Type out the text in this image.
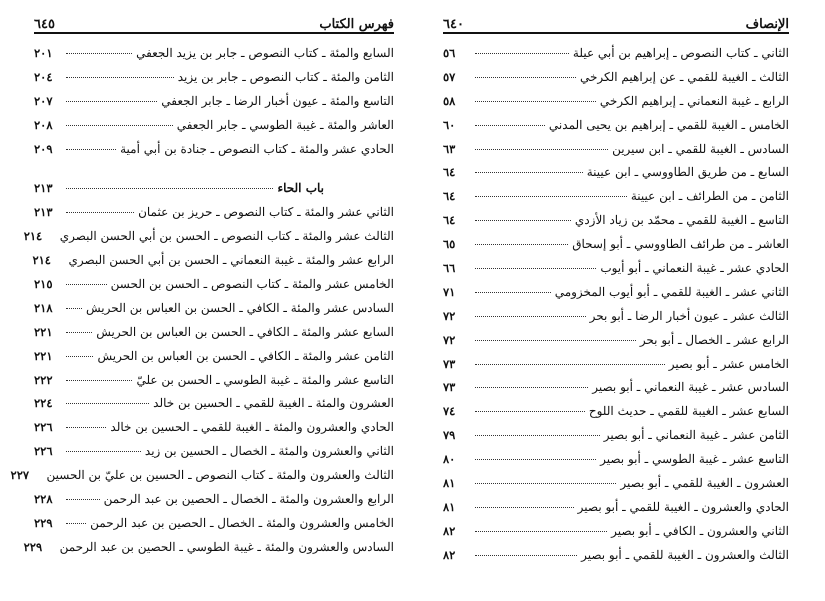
فهرس الكتاب
٦٤٥
السابع والمئة ـ كتاب النصوص ـ جابر بن يزيد الجعفي
٢٠١
الثامن والمئة ـ كتاب النصوص ـ جابر بن يزيد
٢٠٤
التاسع والمئة ـ عيون أخبار الرضا ـ جابر الجعفي
٢٠٧
العاشر والمئة ـ غيبة الطوسي ـ جابر الجعفي
٢٠٨
الحادي عشر والمئة ـ كتاب النصوص ـ جنادة بن أبي أمية
٢٠٩
باب الحاء
٢١٣
الثاني عشر والمئة ـ كتاب النصوص ـ حريز بن عثمان
٢١٣
الثالث عشر والمئة ـ كتاب النصوص ـ الحسن بن أبي الحسن البصري
٢١٤
الرابع عشر والمئة ـ غيبة النعماني ـ الحسن بن أبي الحسن البصري
٢١٤
الخامس عشر والمئة ـ كتاب النصوص ـ الحسن بن الحسن
٢١٥
السادس عشر والمئة ـ الكافي ـ الحسن بن العباس بن الحريش
٢١٨
السابع عشر والمئة ـ الكافي ـ الحسن بن العباس بن الحريش
٢٢١
الثامن عشر والمئة ـ الكافي ـ الحسن بن العباس بن الحريش
٢٢١
التاسع عشر والمئة ـ غيبة الطوسي ـ الحسن بن عليّ
٢٢٢
العشرون والمئة ـ الغيبة للقمي ـ الحسين بن خالد
٢٢٤
الحادي والعشرون والمئة ـ الغيبة للقمي ـ الحسين بن خالد
٢٢٦
الثاني والعشرون والمئة ـ الخصال ـ الحسين بن زيد
٢٢٦
الثالث والعشرون والمئة ـ كتاب النصوص ـ الحسين بن عليّ بن الحسين
٢٢٧
الرابع والعشرون والمئة ـ الخصال ـ الحصين بن عبد الرحمن
٢٢٨
الخامس والعشرون والمئة ـ الخصال ـ الحصين بن عبد الرحمن
٢٢٩
السادس والعشرون والمئة ـ غيبة الطوسي ـ الحصين بن عبد الرحمن
٢٢٩
الإنصاف
٦٤٠
الثاني ـ كتاب النصوص ـ إبراهيم بن أبي عيلة
٥٦
الثالث ـ الغيبة للقمي ـ عن إبراهيم الكرخي
٥٧
الرابع ـ غيبة النعماني ـ إبراهيم الكرخي
٥٨
الخامس ـ الغيبة للقمي ـ إبراهيم بن يحيى المدني
٦٠
السادس ـ الغيبة للقمي ـ ابن سيرين
٦٣
السابع ـ من طريق الطاووسي ـ ابن عيينة
٦٤
الثامن ـ من الطرائف ـ ابن عيينة
٦٤
التاسع ـ الغيبة للقمي ـ محمّد بن زياد الأزدي
٦٤
العاشر ـ من طرائف الطاووسي ـ أبو إسحاق
٦٥
الحادي عشر ـ غيبة النعماني ـ أبو أيوب
٦٦
الثاني عشر ـ الغيبة للقمي ـ أبو أيوب المخزومي
٧١
الثالث عشر ـ عيون أخبار الرضا ـ أبو بحر
٧٢
الرابع عشر ـ الخصال ـ أبو بحر
٧٢
الخامس عشر ـ أبو بصير
٧٣
السادس عشر ـ غيبة النعماني ـ أبو بصير
٧٣
السابع عشر ـ الغيبة للقمي ـ حديث اللوح
٧٤
الثامن عشر ـ غيبة النعماني ـ أبو بصير
٧٩
التاسع عشر ـ غيبة الطوسي ـ أبو بصير
٨٠
العشرون ـ الغيبة للقمي ـ أبو بصير
٨١
الحادي والعشرون ـ الغيبة للقمي ـ أبو بصير
٨١
الثاني والعشرون ـ الكافي ـ أبو بصير
٨٢
الثالث والعشرون ـ الغيبة للقمي ـ أبو بصير
٨٢
